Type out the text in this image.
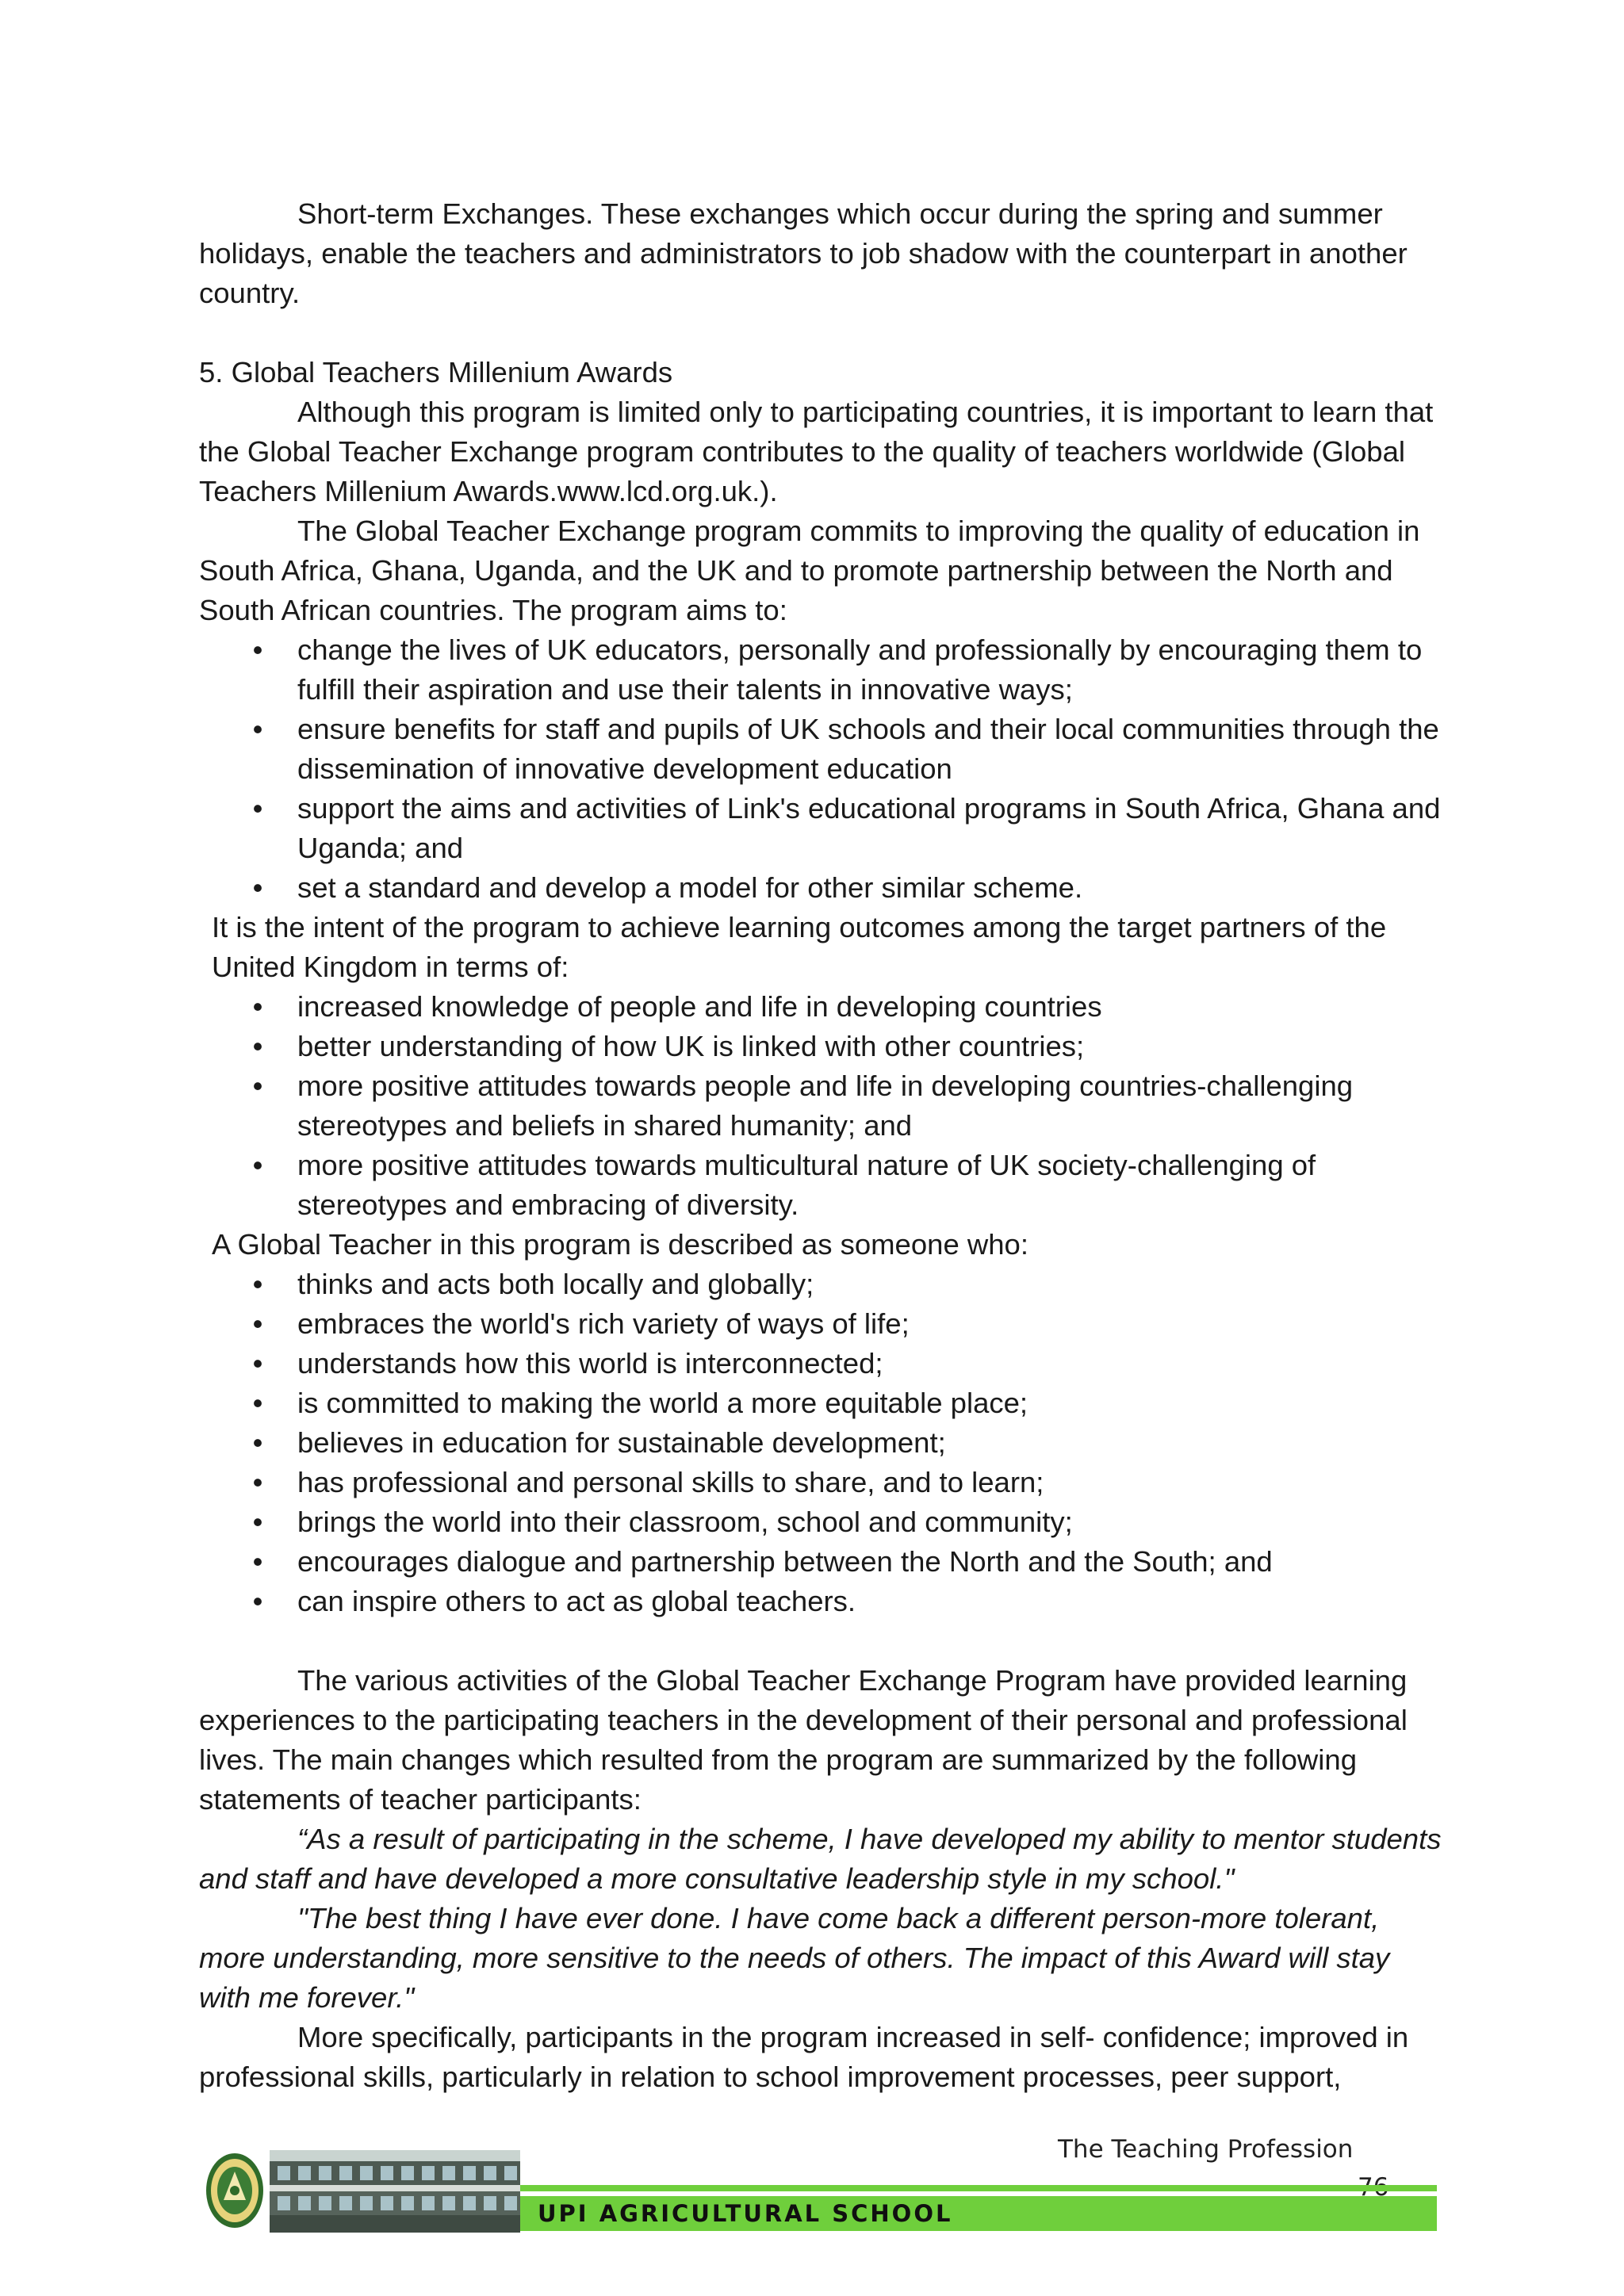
Short-term Exchanges. These exchanges which occur during the spring and summer holidays, enable the teachers and administrators to job shadow with the counterpart in another country.

5. Global Teachers Millenium Awards

Although this program is limited only to participating countries, it is important to learn that the Global Teacher Exchange program contributes to the quality of teachers worldwide (Global Teachers Millenium Awards.www.lcd.org.uk.).

The Global Teacher Exchange program commits to improving the quality of education in South Africa, Ghana, Uganda, and the UK and to promote partnership between the North and South African countries. The program aims to:

• change the lives of UK educators, personally and professionally by encouraging them to fulfill their aspiration and use their talents in innovative ways;
• ensure benefits for staff and pupils of UK schools and their local communities through the dissemination of innovative development education
• support the aims and activities of Link's educational programs in South Africa, Ghana and Uganda; and
• set a standard and develop a model for other similar scheme.

It is the intent of the program to achieve learning outcomes among the target partners of the United Kingdom in terms of:

• increased knowledge of people and life in developing countries
• better understanding of how UK is linked with other countries;
• more positive attitudes towards people and life in developing countries-challenging stereotypes and beliefs in shared humanity; and
• more positive attitudes towards multicultural nature of UK society-challenging of stereotypes and embracing of diversity.

A Global Teacher in this program is described as someone who:

• thinks and acts both locally and globally;
• embraces the world's rich variety of ways of life;
• understands how this world is interconnected;
• is committed to making the world a more equitable place;
• believes in education for sustainable development;
• has professional and personal skills to share, and to learn;
• brings the world into their classroom, school and community;
• encourages dialogue and partnership between the North and the South; and
• can inspire others to act as global teachers.

The various activities of the Global Teacher Exchange Program have provided learning experiences to the participating teachers in the development of their personal and professional lives. The main changes which resulted from the program are summarized by the following statements of teacher participants:

“As a result of participating in the scheme, I have developed my ability to mentor students and staff and have developed a more consultative leadership style in my school."

"The best thing I have ever done. I have come back a different person-more tolerant, more understanding, more sensitive to the needs of others. The impact of this Award will stay with me forever."

More specifically, participants in the program increased in self- confidence; improved in professional skills, particularly in relation to school improvement processes, peer support,

The Teaching Profession
UPI AGRICULTURAL SCHOOL
